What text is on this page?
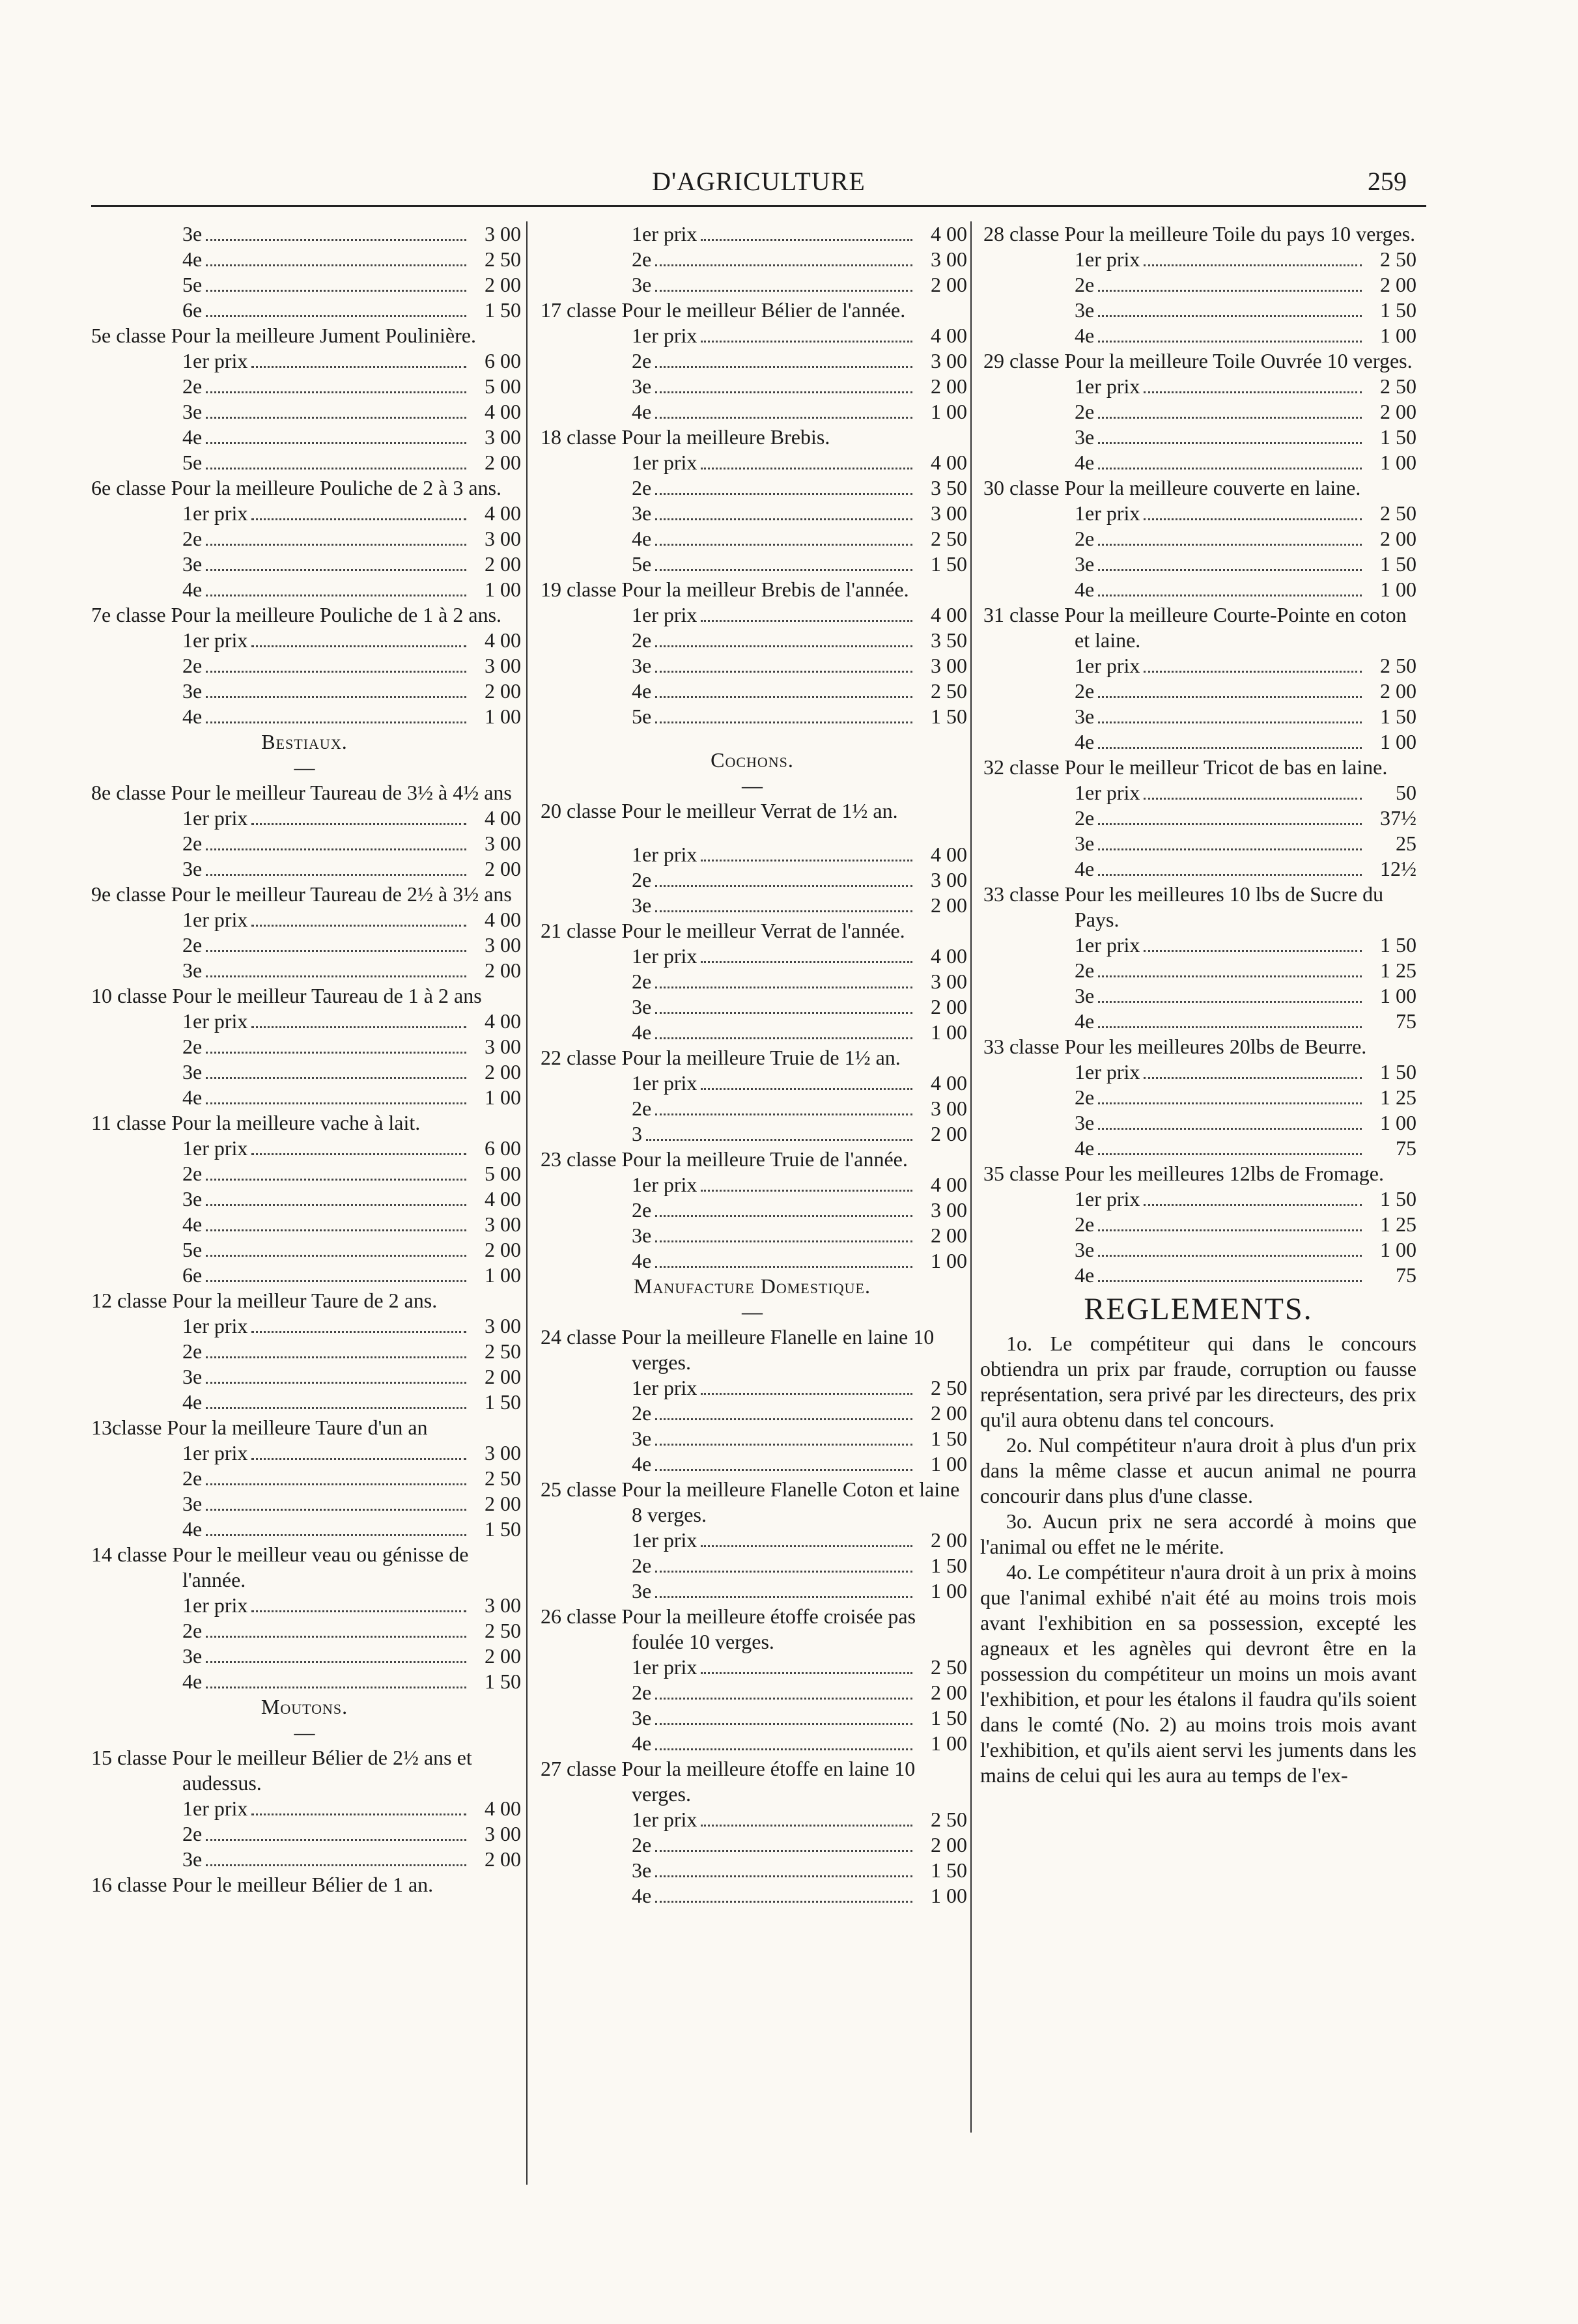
D'AGRICULTURE	259
3e	3 00
4e	2 50
5e	2 00
6e	1 50
5e classe Pour la meilleure Jument Poulinière.
1er prix	6 00
2e	5 00
3e	4 00
4e	3 00
5e	2 00
6e classe Pour la meilleure Pouliche de 2 à 3 ans.
1er prix	4 00
2e	3 00
3e	2 00
4e	1 00
7e classe Pour la meilleure Pouliche de 1 à 2 ans.
1er prix	4 00
2e	3 00
3e	2 00
4e	1 00
Bestiaux.
—
8e classe Pour le meilleur Taureau de 3½ à 4½ ans
1er prix	4 00
2e	3 00
3e	2 00
9e classe Pour le meilleur Taureau de 2½ à 3½ ans
1er prix	4 00
2e	3 00
3e	2 00
10 classe Pour le meilleur Taureau de 1 à 2 ans
1er prix	4 00
2e	3 00
3e	2 00
4e	1 00
11 classe Pour la meilleure vache à lait.
1er prix	6 00
2e	5 00
3e	4 00
4e	3 00
5e	2 00
6e	1 00
12 classe Pour la meilleur Taure de 2 ans.
1er prix	3 00
2e	2 50
3e	2 00
4e	1 50
13classe Pour la meilleure Taure d'un an
1er prix	3 00
2e	2 50
3e	2 00
4e	1 50
14 classe Pour le meilleur veau ou génisse de l'année.
1er prix	3 00
2e	2 50
3e	2 00
4e	1 50
Moutons.
—
15 classe Pour le meilleur Bélier de 2½ ans et audessus.
1er prix	4 00
2e	3 00
3e	2 00
16 classe Pour le meilleur Bélier de 1 an.
1er prix	4 00
2e	3 00
3e	2 00
17 classe Pour le meilleur Bélier de l'année.
1er prix	4 00
2e	3 00
3e	2 00
4e	1 00
18 classe Pour la meilleure Brebis.
1er prix	4 00
2e	3 50
3e	3 00
4e	2 50
5e	1 50
19 classe Pour la meilleur Brebis de l'année.
1er prix	4 00
2e	3 50
3e	3 00
4e	2 50
5e	1 50
Cochons.
—
20 classe Pour le meilleur Verrat de 1½ an.
1er prix	4 00
2e	3 00
3e	2 00
21 classe Pour le meilleur Verrat de l'année.
1er prix	4 00
2e	3 00
3e	2 00
4e	1 00
22 classe Pour la meilleure Truie de 1½ an.
1er prix	4 00
2e	3 00
3	2 00
23 classe Pour la meilleure Truie de l'année.
1er prix	4 00
2e	3 00
3e	2 00
4e	1 00
Manufacture Domestique.
—
24 classe Pour la meilleure Flanelle en laine 10 verges.
1er prix	2 50
2e	2 00
3e	1 50
4e	1 00
25 classe Pour la meilleure Flanelle Coton et laine 8 verges.
1er prix	2 00
2e	1 50
3e	1 00
26 classe Pour la meilleure étoffe croisée pas foulée 10 verges.
1er prix	2 50
2e	2 00
3e	1 50
4e	1 00
27 classe Pour la meilleure étoffe en laine 10 verges.
1er prix	2 50
2e	2 00
3e	1 50
4e	1 00
28 classe Pour la meilleure Toile du pays 10 verges.
1er prix	2 50
2e	2 00
3e	1 50
4e	1 00
29 classe Pour la meilleure Toile Ouvrée 10 verges.
1er prix	2 50
2e	2 00
3e	1 50
4e	1 00
30 classe Pour la meilleure couverte en laine.
1er prix	2 50
2e	2 00
3e	1 50
4e	1 00
31 classe Pour la meilleure Courte-Pointe en coton et laine.
1er prix	2 50
2e	2 00
3e	1 50
4e	1 00
32 classe Pour le meilleur Tricot de bas en laine.
1er prix	50
2e	37½
3e	25
4e	12½
33 classe Pour les meilleures 10 lbs de Sucre du Pays.
1er prix	1 50
2e	1 25
3e	1 00
4e	75
33 classe Pour les meilleures 20lbs de Beurre.
1er prix	1 50
2e	1 25
3e	1 00
4e	75
35 classe Pour les meilleures 12lbs de Fromage.
1er prix	1 50
2e	1 25
3e	1 00
4e	75
REGLEMENTS.
1o. Le compétiteur qui dans le concours obtiendra un prix par fraude, corruption ou fausse représentation, sera privé par les directeurs, des prix qu'il aura obtenu dans tel concours.
2o. Nul compétiteur n'aura droit à plus d'un prix dans la même classe et aucun animal ne pourra concourir dans plus d'une classe.
3o. Aucun prix ne sera accordé à moins que l'animal ou effet ne le mérite.
4o. Le compétiteur n'aura droit à un prix à moins que l'animal exhibé n'ait été au moins trois mois avant l'exhibition en sa possession, excepté les agneaux et les agnèles qui devront être en la possession du compétiteur un moins un mois avant l'exhibition, et pour les étalons il faudra qu'ils soient dans le comté (No. 2) au moins trois mois avant l'exhibition, et qu'ils aient servi les juments dans les mains de celui qui les aura au temps de l'ex-
